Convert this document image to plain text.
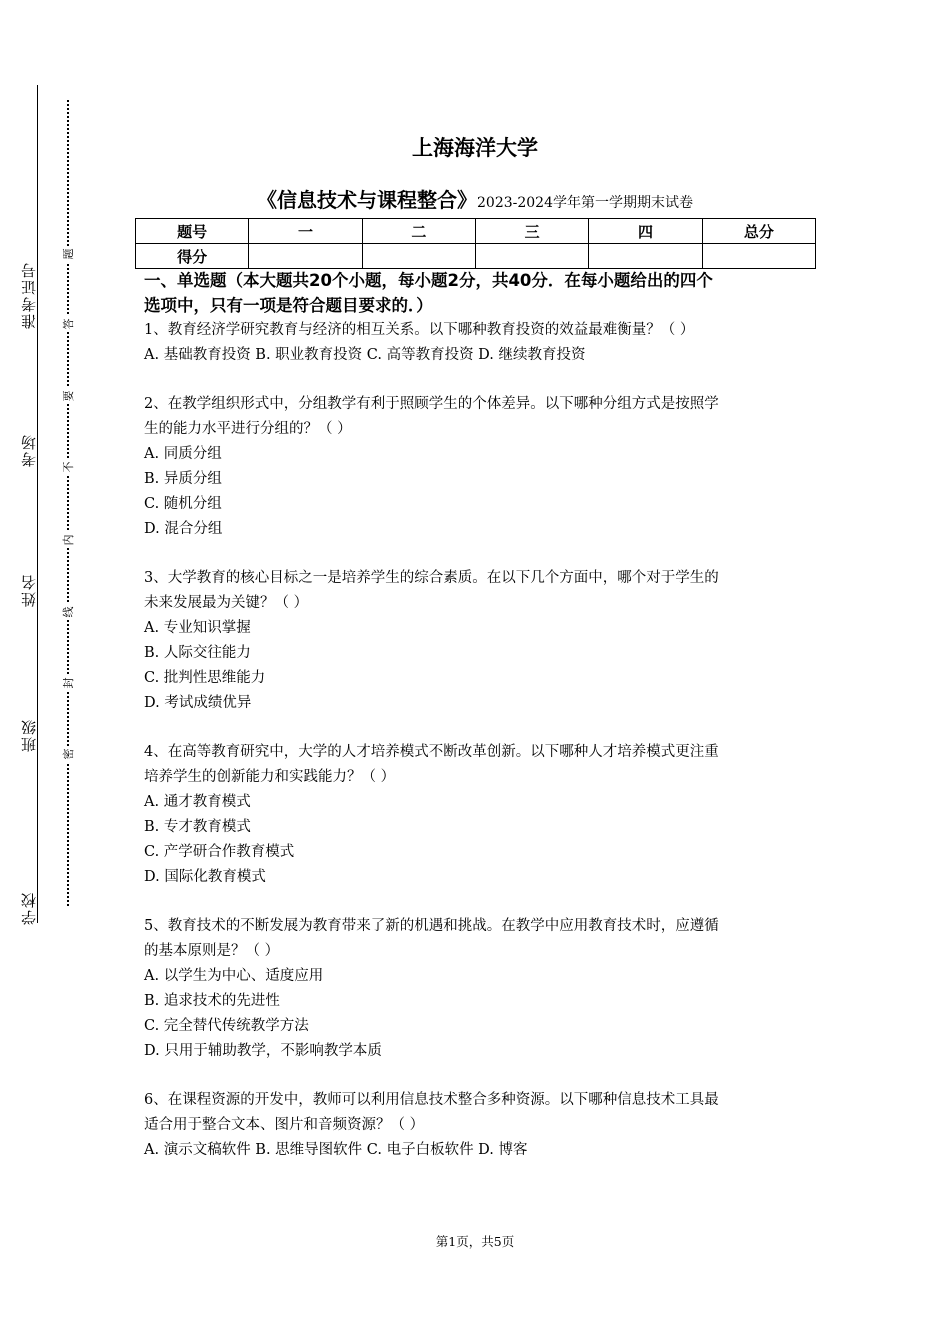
准考证号
考场
姓名
班级
学校
题
答
要
不
内
线
封
密
上海海洋大学
《信息技术与课程整合》2023-2024学年第一学期期末试卷
题号	一	二	三	四	总分
得分					

一、单选题（本大题共20个小题，每小题2分，共40分．在每小题给出的四个

选项中，只有一项是符合题目要求的．）

1、教育经济学研究教育与经济的相互关系。以下哪种教育投资的效益最难衡量？（ ）

A. 基础教育投资 B. 职业教育投资 C. 高等教育投资 D. 继续教育投资

2、在教学组织形式中，分组教学有利于照顾学生的个体差异。以下哪种分组方式是按照学

生的能力水平进行分组的？（ ）

A. 同质分组

B. 异质分组

C. 随机分组

D. 混合分组

3、大学教育的核心目标之一是培养学生的综合素质。在以下几个方面中，哪个对于学生的

未来发展最为关键？（ ）

A. 专业知识掌握

B. 人际交往能力

C. 批判性思维能力

D. 考试成绩优异

4、在高等教育研究中，大学的人才培养模式不断改革创新。以下哪种人才培养模式更注重

培养学生的创新能力和实践能力？（ ）

A. 通才教育模式

B. 专才教育模式

C. 产学研合作教育模式

D. 国际化教育模式

5、教育技术的不断发展为教育带来了新的机遇和挑战。在教学中应用教育技术时，应遵循

的基本原则是？（ ）

A. 以学生为中心、适度应用

B. 追求技术的先进性

C. 完全替代传统教学方法

D. 只用于辅助教学，不影响教学本质

6、在课程资源的开发中，教师可以利用信息技术整合多种资源。以下哪种信息技术工具最

适合用于整合文本、图片和音频资源？（ ）

A. 演示文稿软件 B. 思维导图软件 C. 电子白板软件 D. 博客

第1页，共5页
